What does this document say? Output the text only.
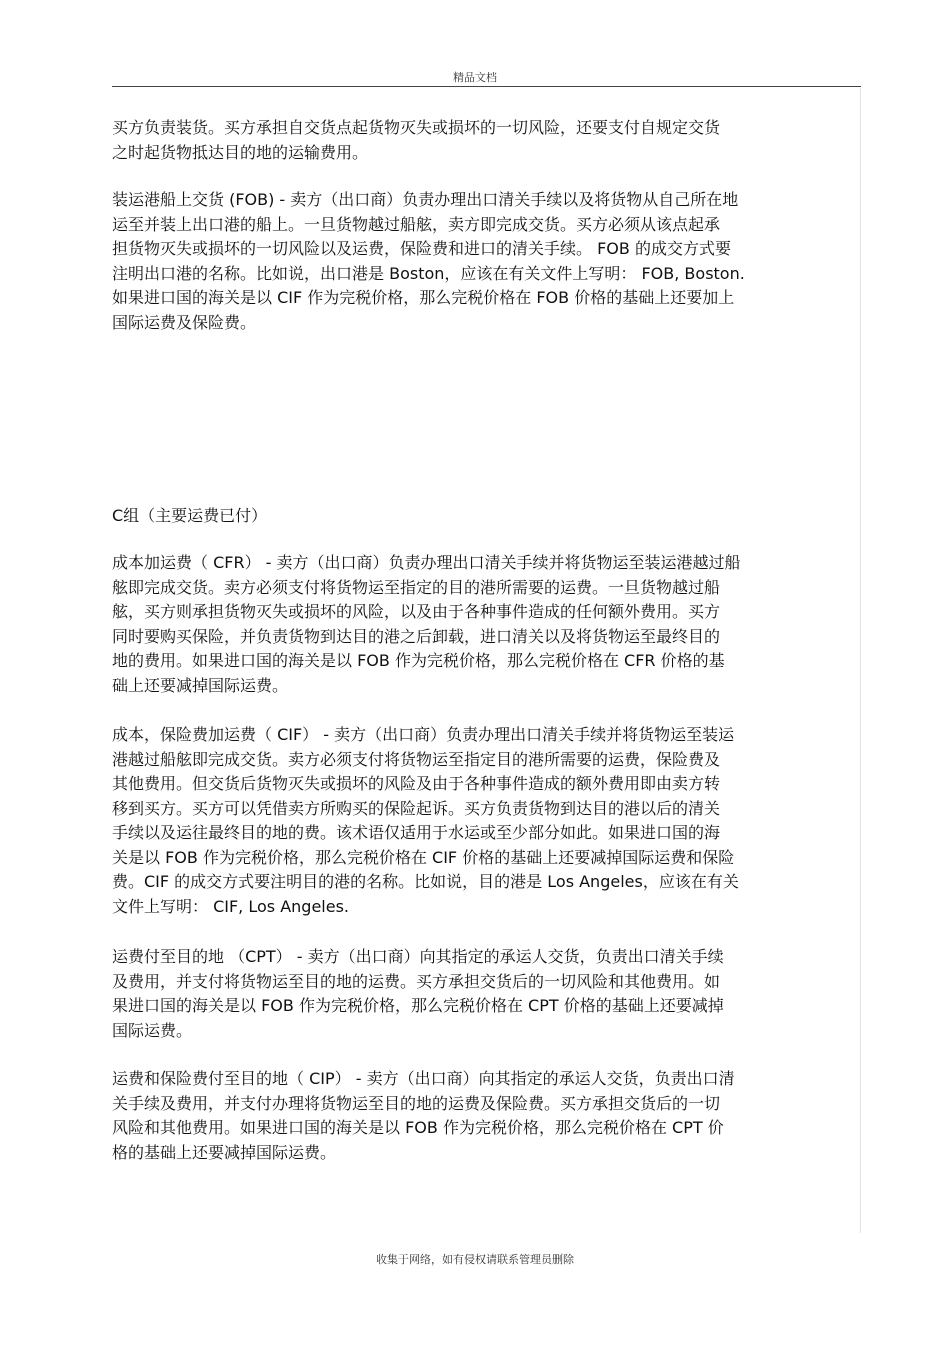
精品文档
买方负责装货。买方承担自交货点起货物灭失或损坏的一切风险，还要支付自规定交货
之时起货物抵达目的地的运输费用。
装运港船上交货 (FOB) - 卖方（出口商）负责办理出口清关手续以及将货物从自己所在地
运至并装上出口港的船上。一旦货物越过船舷，卖方即完成交货。买方必须从该点起承
担货物灭失或损坏的一切风险以及运费，保险费和进口的清关手续。 FOB 的成交方式要
注明出口港的名称。比如说，出口港是 Boston，应该在有关文件上写明： FOB, Boston.
如果进口国的海关是以 CIF 作为完税价格，那么完税价格在 FOB 价格的基础上还要加上
国际运费及保险费。
C组（主要运费已付）
成本加运费（ CFR） - 卖方（出口商）负责办理出口清关手续并将货物运至装运港越过船
舷即完成交货。卖方必须支付将货物运至指定的目的港所需要的运费。一旦货物越过船
舷，买方则承担货物灭失或损坏的风险，以及由于各种事件造成的任何额外费用。买方
同时要购买保险，并负责货物到达目的港之后卸载，进口清关以及将货物运至最终目的
地的费用。如果进口国的海关是以 FOB 作为完税价格，那么完税价格在 CFR 价格的基
础上还要减掉国际运费。
成本，保险费加运费（ CIF） - 卖方（出口商）负责办理出口清关手续并将货物运至装运
港越过船舷即完成交货。卖方必须支付将货物运至指定目的港所需要的运费，保险费及
其他费用。但交货后货物灭失或损坏的风险及由于各种事件造成的额外费用即由卖方转
移到买方。买方可以凭借卖方所购买的保险起诉。买方负责货物到达目的港以后的清关
手续以及运往最终目的地的费。该术语仅适用于水运或至少部分如此。如果进口国的海
关是以 FOB 作为完税价格，那么完税价格在 CIF 价格的基础上还要减掉国际运费和保险
费。CIF 的成交方式要注明目的港的名称。比如说，目的港是 Los Angeles，应该在有关
文件上写明： CIF, Los Angeles.
运费付至目的地 （CPT） - 卖方（出口商）向其指定的承运人交货，负责出口清关手续
及费用，并支付将货物运至目的地的运费。买方承担交货后的一切风险和其他费用。如
果进口国的海关是以 FOB 作为完税价格，那么完税价格在 CPT 价格的基础上还要减掉
国际运费。
运费和保险费付至目的地（ CIP） - 卖方（出口商）向其指定的承运人交货，负责出口清
关手续及费用，并支付办理将货物运至目的地的运费及保险费。买方承担交货后的一切
风险和其他费用。如果进口国的海关是以 FOB 作为完税价格，那么完税价格在 CPT 价
格的基础上还要减掉国际运费。
收集于网络，如有侵权请联系管理员删除
